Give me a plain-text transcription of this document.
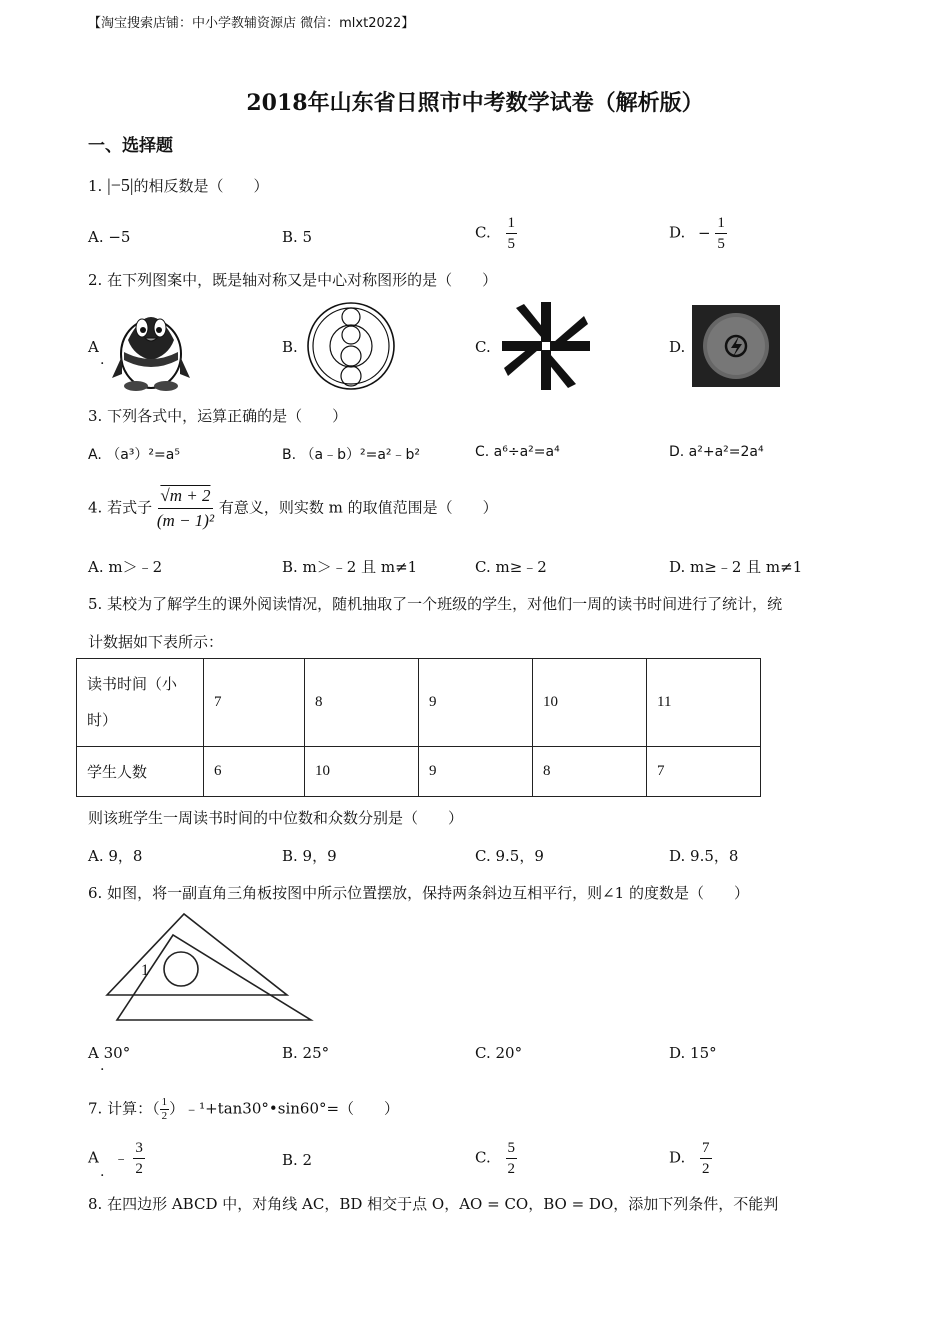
【淘宝搜索店铺：中小学教辅资源店 微信：mlxt2022】
2018年山东省日照市中考数学试卷（解析版）
一、选择题
1. |−5|的相反数是（　　）
A. −5	B. 5	C. $\frac{1}{5}$	D. − $\frac{1}{5}$
2. 在下列图案中，既是轴对称又是中心对称图形的是（　　）
A
.
B.	C.	D.
3. 下列各式中，运算正确的是（　　）
A. （a³）²=a⁵	B. （a﹣b）²=a²﹣b²	C. a⁶÷a²=a⁴	D. a²+a²=2a⁴
4. 若式子 $\frac{√m + 2}{\text{(m − 1)²}}$ 有意义，则实数 m 的取值范围是（　　）
A. m＞﹣2	B. m＞﹣2 且 m≠1	C. m≥﹣2	D. m≥﹣2 且 m≠1
5. 某校为了解学生的课外阅读情况，随机抽取了一个班级的学生，对他们一周的读书时间进行了统计，统
计数据如下表所示：
读书时间（小
时）	7	8	9	10	11
学生人数	6	10	9	8	7
则该班学生一周读书时间的中位数和众数分别是（　　）
A. 9，8	B. 9，9	C. 9.5，9	D. 9.5，8
6. 如图，将一副直角三角板按图中所示位置摆放，保持两条斜边互相平行，则∠1 的度数是（　　）
1
A 30°
.
B. 25°	C. 20°	D. 15°
7. 计算：（ $\frac{1}{2}$ ）﹣¹+tan30°•sin60°=（　　）
A ﹣ $\frac{3}{2}$
.
B. 2	C. $\frac{5}{2}$	D. $\frac{7}{2}$
8. 在四边形 ABCD 中，对角线 AC，BD 相交于点 O，AO = CO，BO = DO，添加下列条件，不能判
